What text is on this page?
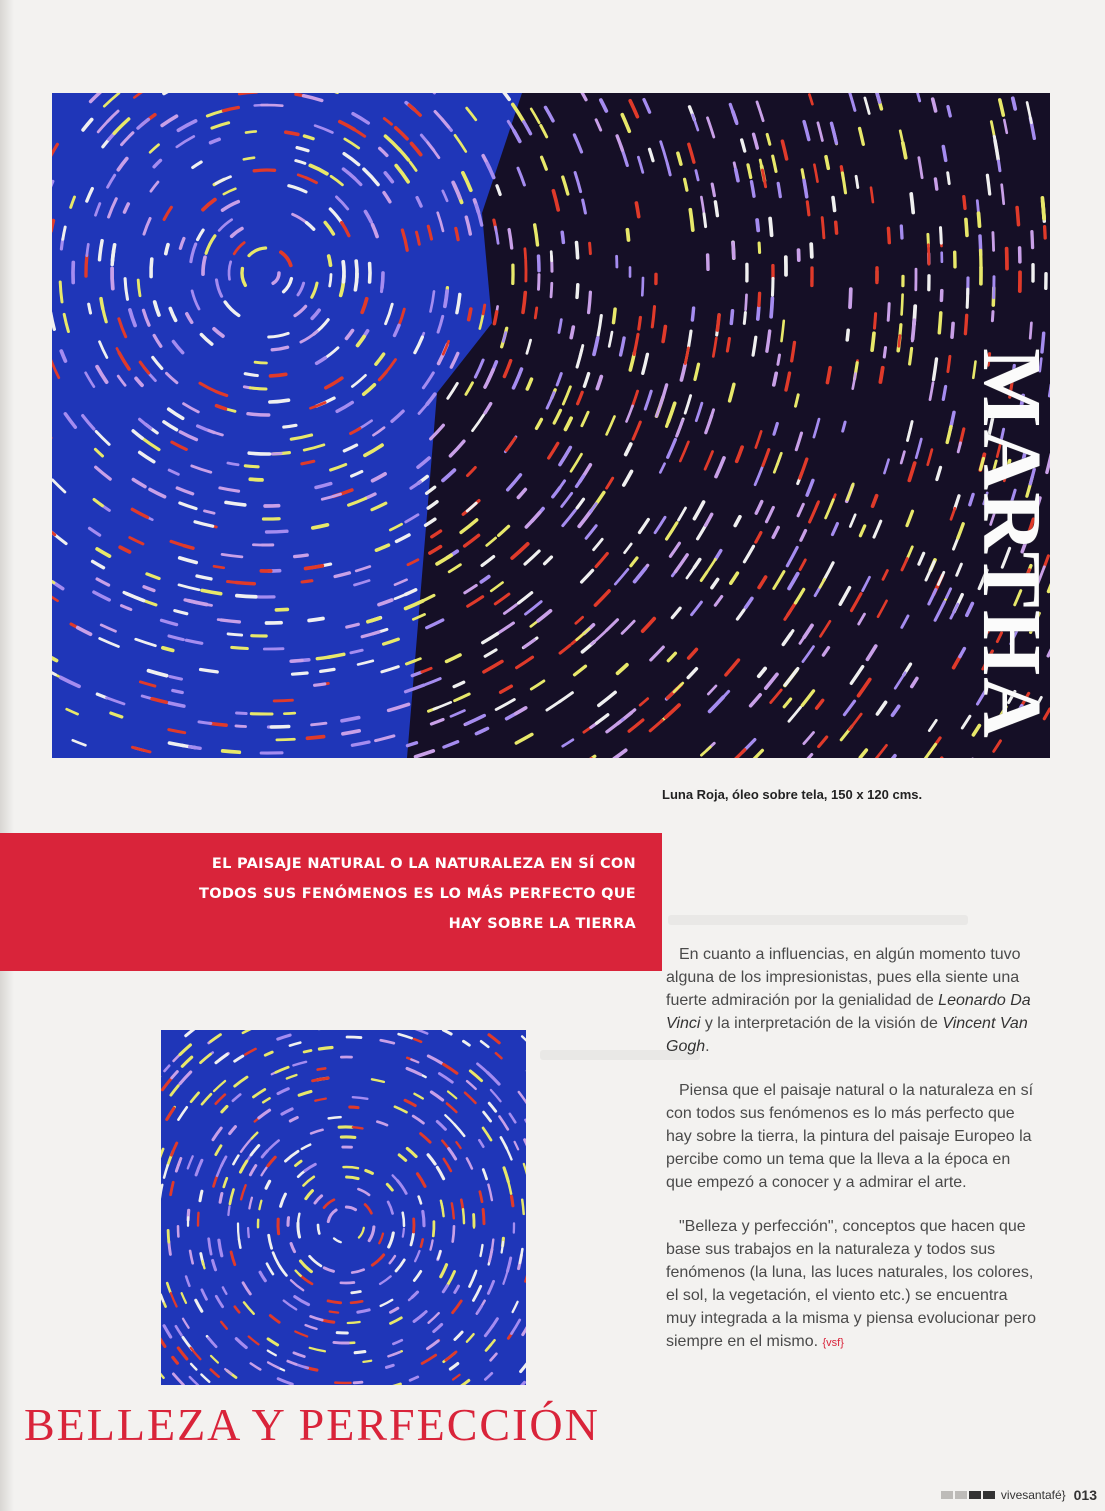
MARTHA
Luna Roja, óleo sobre tela, 150 x 120 cms.
EL PAISAJE NATURAL O LA NATURALEZA EN SÍ CON TODOS SUS FENÓMENOS ES LO MÁS PERFECTO QUE HAY SOBRE LA TIERRA

En cuanto a influencias, en algún momento tuvo alguna de los impresionistas, pues ella siente una fuerte admiración por la genialidad de Leonardo Da Vinci y la interpretación de la visión de Vincent Van Gogh.

Piensa que el paisaje natural o la naturaleza en sí con todos sus fenómenos es lo más perfecto que hay sobre la tierra, la pintura del paisaje Europeo la percibe como un tema que la lleva a la época en que empezó a conocer y a admirar el arte.

"Belleza y perfección", conceptos que hacen que base sus trabajos en la naturaleza y todos sus fenómenos (la luna, las luces naturales, los colores, el sol, la vegetación, el viento etc.) se encuentra muy integrada a la misma y piensa evolucionar pero siempre en el mismo. {vsf}

BELLEZA Y PERFECCIÓN
vivesantafé} 013
